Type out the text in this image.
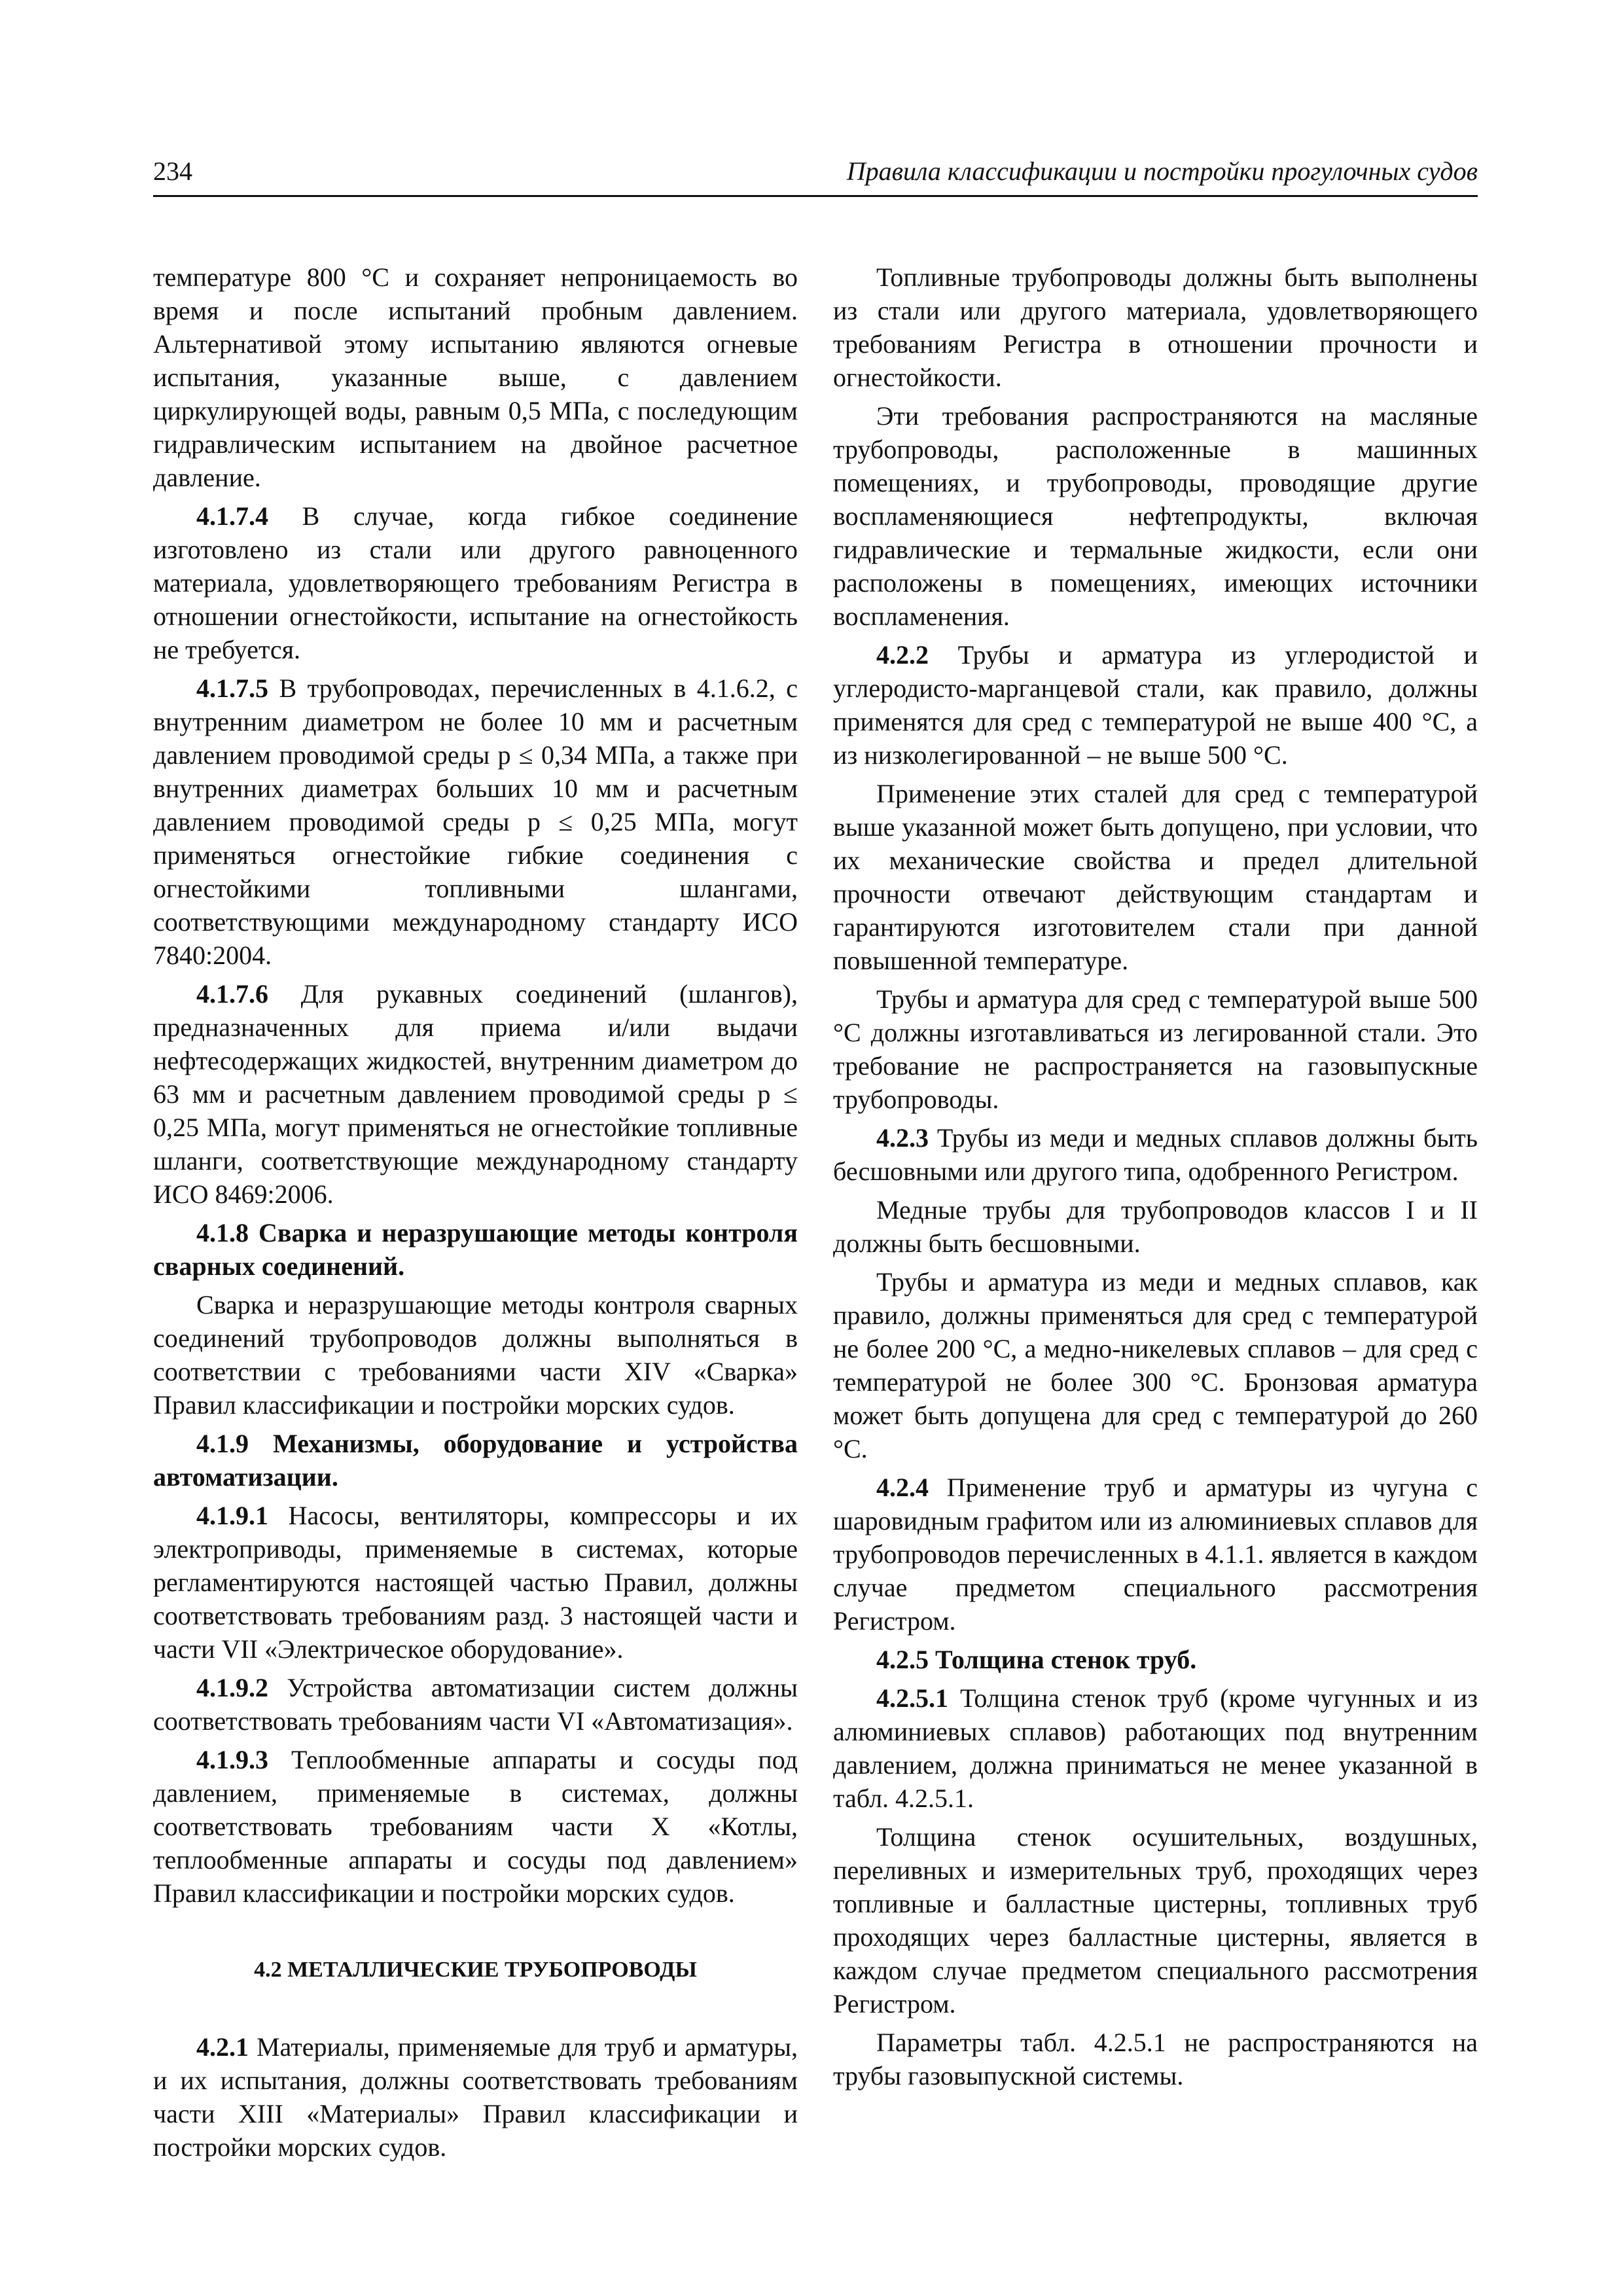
234	Правила классификации и постройки прогулочных судов

температуре 800 °С и сохраняет непроницаемость во время и после испытаний пробным давлением. Альтернативой этому испытанию являются огневые испытания, указанные выше, с давлением циркулирующей воды, равным 0,5 МПа, с последующим гидравлическим испытанием на двойное расчетное давление.

4.1.7.4 В случае, когда гибкое соединение изготовлено из стали или другого равноценного материала, удовлетворяющего требованиям Регистра в отношении огнестойкости, испытание на огнестойкость не требуется.

4.1.7.5 В трубопроводах, перечисленных в 4.1.6.2, с внутренним диаметром не более 10 мм и расчетным давлением проводимой среды p ≤ 0,34 МПа, а также при внутренних диаметрах больших 10 мм и расчетным давлением проводимой среды p ≤ 0,25 МПа, могут применяться огнестойкие гибкие соединения с огнестойкими топливными шлангами, соответствующими международному стандарту ИСО 7840:2004.

4.1.7.6 Для рукавных соединений (шлангов), предназначенных для приема и/или выдачи нефтесодержащих жидкостей, внутренним диаметром до 63 мм и расчетным давлением проводимой среды p ≤ 0,25 МПа, могут применяться не огнестойкие топливные шланги, соответствующие международному стандарту ИСО 8469:2006.

4.1.8 Сварка и неразрушающие методы контроля сварных соединений.

Сварка и неразрушающие методы контроля сварных соединений трубопроводов должны выполняться в соответствии с требованиями части XIV «Сварка» Правил классификации и постройки морских судов.

4.1.9 Механизмы, оборудование и устройства автоматизации.

4.1.9.1 Насосы, вентиляторы, компрессоры и их электроприводы, применяемые в системах, которые регламентируются настоящей частью Правил, должны соответствовать требованиям разд. 3 настоящей части и части VII «Электрическое оборудование».

4.1.9.2 Устройства автоматизации систем должны соответствовать требованиям части VI «Автоматизация».

4.1.9.3 Теплообменные аппараты и сосуды под давлением, применяемые в системах, должны соответствовать требованиям части X «Котлы, теплообменные аппараты и сосуды под давлением» Правил классификации и постройки морских судов.

4.2 МЕТАЛЛИЧЕСКИЕ ТРУБОПРОВОДЫ

4.2.1 Материалы, применяемые для труб и арматуры, и их испытания, должны соответствовать требованиям части XIII «Материалы» Правил классификации и постройки морских судов.

Топливные трубопроводы должны быть выполнены из стали или другого материала, удовлетворяющего требованиям Регистра в отношении прочности и огнестойкости.

Эти требования распространяются на масляные трубопроводы, расположенные в машинных помещениях, и трубопроводы, проводящие другие воспламеняющиеся нефтепродукты, включая гидравлические и термальные жидкости, если они расположены в помещениях, имеющих источники воспламенения.

4.2.2 Трубы и арматура из углеродистой и углеродисто-марганцевой стали, как правило, должны применятся для сред с температурой не выше 400 °С, а из низколегированной – не выше 500 °С.

Применение этих сталей для сред с температурой выше указанной может быть допущено, при условии, что их механические свойства и предел длительной прочности отвечают действующим стандартам и гарантируются изготовителем стали при данной повышенной температуре.

Трубы и арматура для сред с температурой выше 500 °С должны изготавливаться из легированной стали. Это требование не распространяется на газовыпускные трубопроводы.

4.2.3 Трубы из меди и медных сплавов должны быть бесшовными или другого типа, одобренного Регистром.

Медные трубы для трубопроводов классов I и II должны быть бесшовными.

Трубы и арматура из меди и медных сплавов, как правило, должны применяться для сред с температурой не более 200 °С, а медно-никелевых сплавов – для сред с температурой не более 300 °С. Бронзовая арматура может быть допущена для сред с температурой до 260 °С.

4.2.4 Применение труб и арматуры из чугуна с шаровидным графитом или из алюминиевых сплавов для трубопроводов перечисленных в 4.1.1. является в каждом случае предметом специального рассмотрения Регистром.

4.2.5 Толщина стенок труб.

4.2.5.1 Толщина стенок труб (кроме чугунных и из алюминиевых сплавов) работающих под внутренним давлением, должна приниматься не менее указанной в табл. 4.2.5.1.

Толщина стенок осушительных, воздушных, переливных и измерительных труб, проходящих через топливные и балластные цистерны, топливных труб проходящих через балластные цистерны, является в каждом случае предметом специального рассмотрения Регистром.

Параметры табл. 4.2.5.1 не распространяются на трубы газовыпускной системы.
